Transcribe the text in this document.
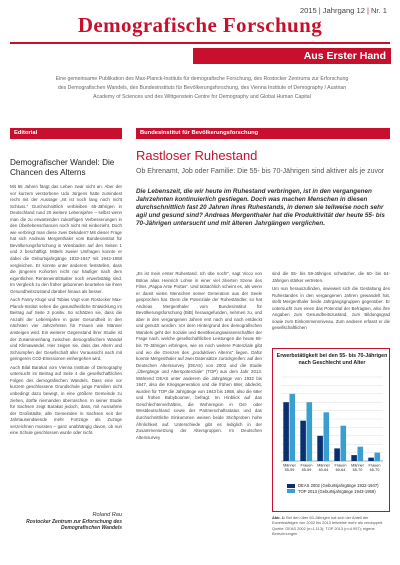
2015 | Jahrgang 12 | Nr. 1
Demografische Forschung
Aus Erster Hand
Eine gemeinsame Publikation des Max-Planck-Instituts für demografische Forschung, des Rostocker Zentrums zur Erforschung des Demografischen Wandels, des Bundesinstituts für Bevölkerungsforschung, des Vienna Institute of Demography / Austrian Academy of Sciences und des Wittgenstein Centre for Demography and Global Human Capital
Editorial	Bundesinstitut für Bevölkerungsforschung
Demografischer Wandel: Die Chancen des Alterns

Mit 66 Jahren fängt das Leben zwar nicht an. Aber der vor kurzem verstorbene Udo Jürgens hatte zumindest recht mit der Aussage „Ist ist noch lang noch nicht Schluss.“ Durchschnittlich verbleiben 65-Jährigen in Deutschland rund 20 weitere Lebensjahre – selbst wenn man die zu erwartenden zukünftigen Verbesserungen in den Überlebenschancen noch nicht mit einbezieht. Doch wie verbringt man diese zwei Dekaden? Mit dieser Frage hat sich Andreas Mergenthaler vom Bundesinstitut für Bevölkerungsforschung in Wiesbaden auf den Seiten 1 und 2 beschäftigt. Mittels zweier Umfragen konnte er dabei die Geburtsjahrgänge 1932-1947 mit 1942-1958 vergleichen. Er konnte unter anderem feststellen, dass die jüngeren Kohorten nicht nur häufiger nach dem eigentlichen Renteneintrittsalter noch erwerbstätig sind. Im Vergleich zu den früher geborenen beurteilen sie ihren Gesundheitszustand darüber hinaus als besser.

Auch Fanny Kluge und Tobias Vogt vom Rostocker Max-Planck-Institut sehen die gesundheitliche Entwicklung im Beitrag auf Seite 3 positiv. So schätzen sie, dass die Anzahl der Lebensjahre in guter Gesundheit in den nächsten vier Jahrzehnten für Frauen wie Männer ansteigen wird. Ein weiterer Gegenstand ihrer Studie ist der Zusammenhang zwischen demografischem Wandel und Klimawandel. Hier zeigen sie, dass das Altern und Schrumpfen der Gesellschaft aller Voraussicht nach mit geringeren CO2-Emissionen einhergehen wird.

Auch Bilal Barakat vom Vienna Institute of Demography untersucht im Beitrag auf Seite 4 die gesellschaftlichen Folgen des demografischen Wandels. Dass eine vor kurzem geschlossene Grundschule junge Familien nicht unbedingt dazu bewegt, in eine größere Gemeinde zu ziehen, dürfte niemanden überraschen. In seiner Studie für Sachsen zeigt Barakat jedoch, dass, mit Ausnahme der Großstädte, alle Gemeinden in Sachsen seit der Jahrtausendwende mehr Fortzüge als Zuzüge verzeichnen mussten – ganz unabhängig davon, ob nun eine Schule geschlossen wurde oder nicht.

Roland Rau
Rostocker Zentrum zur Erforschung des Demografischen Wandels
Rastloser Ruhestand
Ob Ehrenamt, Job oder Familie: Die 55- bis 70-Jährigen sind aktiver als je zuvor
Die Lebenszeit, die wir heute im Ruhestand verbringen, ist in den vergangenen Jahrzehnten kontinuierlich gestiegen. Doch was machen Menschen in diesen durchschnittlich fast 20 Jahren ihres Ruhestands, in denen sie teilweise noch sehr agil und gesund sind? Andreas Mergenthaler hat die Produktivität der heute 55- bis 70-Jährigen untersucht und mit älteren Jahrgängen verglichen.

„Es ist mein erster Ruhestand. Ich übe noch!“, sagt Vicco von Bülow alias Heinrich Lohse in einer viel zitierten Szene des Films „Pappa Ante Portas“. Und tatsächlich scheint es, als wenn er damit vielen Menschen seiner Generation aus der Seele gesprochen hat. Denn die Potenziale der Ruheständler, so hat Andreas Mergenthaler vom Bundesinstitut für Bevölkerungsforschung (BiB) herausgefunden, nehmen zu, und aber in den vergangenen Jahren erst nach und nach entdeckt und genutzt worden. Vor dem Hintergrund des demografischen Wandels geht der Soziale und Bevölkerungswissenschaftler der Frage nach, welche gesellschaftlichen Leistungen die heute 55- bis 70-Jährigen erbringen, wie es noch weitere Potenziale gibt und wo die Grenzen des „produktiven Alterns“ liegen. Dafür konnte Mergenthaler auf zwei Datensätze zurückgreifen: auf den Deutschen Alterssurvey (DEAS) von 2002 und die Studie „Übergänge und Alterspotenziale“ (TOP) aus dem Jahr 2013. Während DEAS unter anderem die Jahrgänge von 1932 bis 1947, also die Kriegsgeneration und die frühen 68er, abdeckt, wurden für TOP die Jahrgänge von 1943 bis 1958, also die 68er und frühen Babyboomer, befragt. Im Hinblick auf das Geschlechterverhältnis, die Wohnregion in Ost- oder Westdeutschland sowie der Partnerschaftsstatus und das durchschnittliche Einkommen weisen beide Stichproben hohe Ähnlichkeit auf. Unterschiede gibt es lediglich in der Zusammensetzung der Altersgruppen. Im Deutschen Alterssurvey

sind die 55- bis 59-Jährigen schwächer, die 60- bis 64-Jährigen stärker vertreten.

Um nun herauszufinden, inwieweit sich die Gestaltung des Ruhestandes in den vergangenen Jahren gewandelt hat, stellt Mergenthaler beide Jahrgangsgruppen gegenüber. Er untersucht zum einen das Potenzial der Befragten, also ihre Angaben zum Gesundheitszustand, zum Bildungsgrad sowie zum Einkommensniveau. Zum anderen erfasst er die gesellschaftlichen

Erwerbstätigkeit bei den 55- bis 70-Jährigen nach Geschlecht und Alter
Männer 55-59
Frauen 55-59
Männer 60-64
Frauen 60-64
Männer 65-70
Frauen 65-70
DEAS 2002 (Geburtsjahrgänge 1932-1947)
TOP 2013 (Geburtsjahrgänge 1943-1958)
Abb. 1: Bei den über 60-Jährigen hat sich der Anteil der Erwerbstätigen von 2002 bis 2013 teilweise mehr als verdoppelt. Quelle: DEAS 2002 (n=1.113); TOP 2013 (n=4.957); eigene Berechnungen
